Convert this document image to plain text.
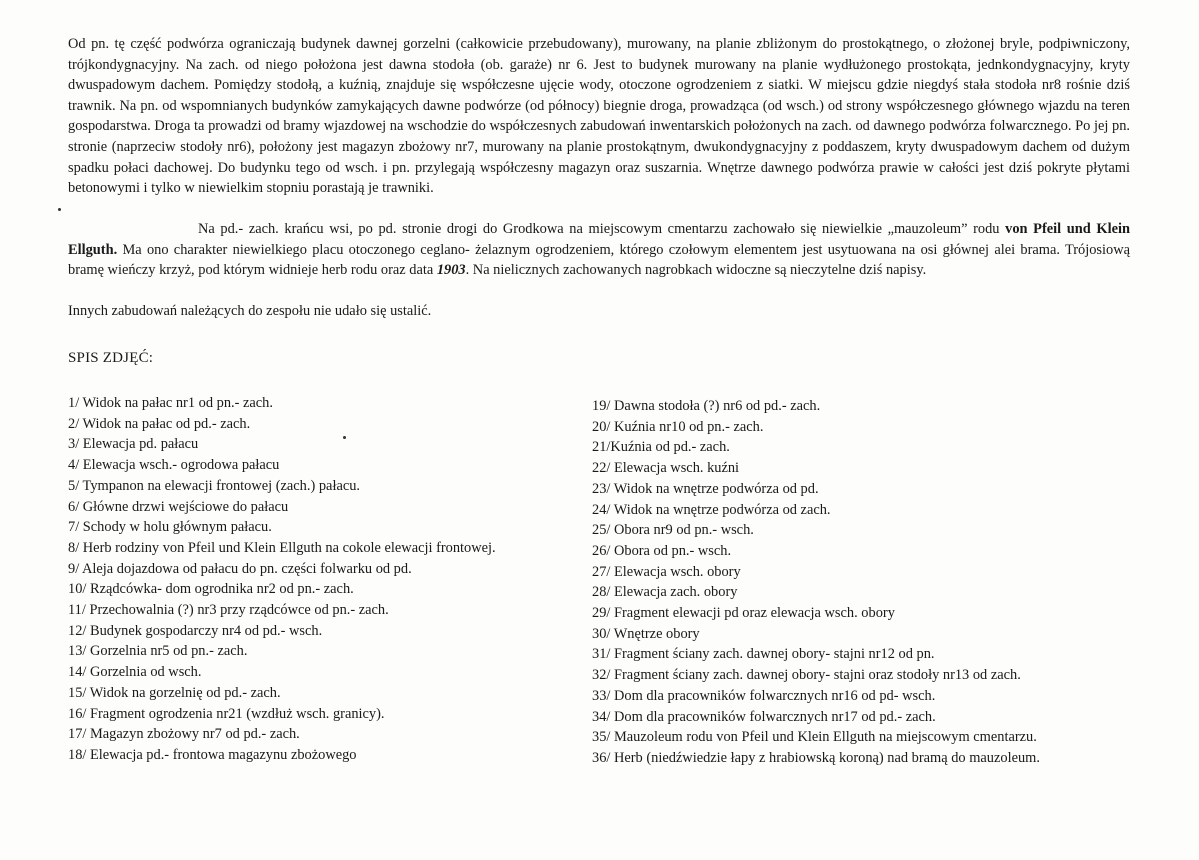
Od pn. tę część podwórza ograniczają budynek dawnej gorzelni (całkowicie przebudowany), murowany, na planie zbliżonym do prostokątnego, o złożonej bryle, podpiwniczony, trójkondygnacyjny. Na zach. od niego położona jest dawna stodoła (ob. garaże) nr 6. Jest to budynek murowany na planie wydłużonego prostokąta, jednkondygnacyjny, kryty dwuspadowym dachem. Pomiędzy stodołą, a kuźnią, znajduje się współczesne ujęcie wody, otoczone ogrodzeniem z siatki. W miejscu gdzie niegdyś stała stodoła nr8 rośnie dziś trawnik. Na pn. od wspomnianych budynków zamykających dawne podwórze (od północy) biegnie droga, prowadząca (od wsch.) od strony współczesnego głównego wjazdu na teren gospodarstwa. Droga ta prowadzi od bramy wjazdowej na wschodzie do współczesnych zabudowań inwentarskich położonych na zach. od dawnego podwórza folwarcznego. Po jej pn. stronie (naprzeciw stodoły nr6), położony jest magazyn zbożowy nr7, murowany na planie prostokątnym, dwukondygnacyjny z poddaszem, kryty dwuspadowym dachem od dużym spadku połaci dachowej. Do budynku tego od wsch. i pn. przylegają współczesny magazyn oraz suszarnia. Wnętrze dawnego podwórza prawie w całości jest dziś pokryte płytami betonowymi i tylko w niewielkim stopniu porastają je trawniki.

Na pd.- zach. krańcu wsi, po pd. stronie drogi do Grodkowa na miejscowym cmentarzu zachowało się niewielkie „mauzoleum” rodu von Pfeil und Klein Ellguth. Ma ono charakter niewielkiego placu otoczonego ceglano- żelaznym ogrodzeniem, którego czołowym elementem jest usytuowana na osi głównej alei brama. Trójosiową bramę wieńczy krzyż, pod którym widnieje herb rodu oraz data 1903. Na nielicznych zachowanych nagrobkach widoczne są nieczytelne dziś napisy.

Innych zabudowań należących do zespołu nie udało się ustalić.

SPIS ZDJĘĆ:
1/ Widok na pałac nr1 od pn.- zach.
2/ Widok na pałac od pd.- zach.
3/ Elewacja pd. pałacu
4/ Elewacja wsch.- ogrodowa pałacu
5/ Tympanon na elewacji frontowej (zach.) pałacu.
6/ Główne drzwi wejściowe do pałacu
7/ Schody w holu głównym pałacu.
8/ Herb rodziny von Pfeil und Klein Ellguth na cokole elewacji frontowej.
9/ Aleja dojazdowa od pałacu do pn. części folwarku od pd.
10/ Rządcówka- dom ogrodnika nr2 od pn.- zach.
11/ Przechowalnia (?) nr3 przy rządcówce od pn.- zach.
12/ Budynek gospodarczy nr4 od pd.- wsch.
13/ Gorzelnia nr5 od pn.- zach.
14/ Gorzelnia od wsch.
15/ Widok na gorzelnię od pd.- zach.
16/ Fragment ogrodzenia nr21 (wzdłuż wsch. granicy).
17/ Magazyn zbożowy nr7 od pd.- zach.
18/ Elewacja pd.- frontowa magazynu zbożowego
19/ Dawna stodoła (?) nr6 od pd.- zach.
20/ Kuźnia nr10 od pn.- zach.
21/Kuźnia od pd.- zach.
22/ Elewacja wsch. kuźni
23/ Widok na wnętrze podwórza od pd.
24/ Widok na wnętrze podwórza od zach.
25/ Obora nr9 od pn.- wsch.
26/ Obora od pn.- wsch.
27/ Elewacja wsch. obory
28/ Elewacja zach. obory
29/ Fragment elewacji pd oraz elewacja wsch. obory
30/ Wnętrze obory
31/ Fragment ściany zach. dawnej obory- stajni nr12 od pn.
32/ Fragment ściany zach. dawnej obory- stajni oraz stodoły nr13 od zach.
33/ Dom dla pracowników folwarcznych nr16 od pd- wsch.
34/ Dom dla pracowników folwarcznych nr17 od pd.- zach.
35/ Mauzoleum rodu von Pfeil und Klein Ellguth na miejscowym cmentarzu.
36/ Herb (niedźwiedzie łapy z hrabiowską koroną) nad bramą do mauzoleum.
